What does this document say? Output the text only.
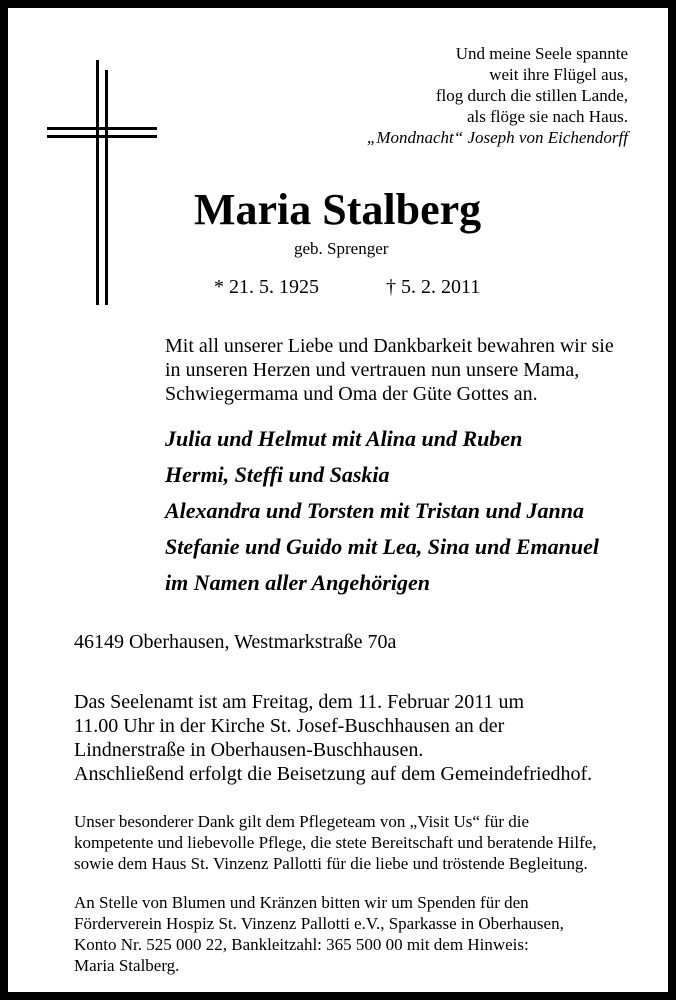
Und meine Seele spannte
weit ihre Flügel aus,
flog durch die stillen Lande,
als flöge sie nach Haus.
„Mondnacht“ Joseph von Eichendorff
Maria Stalberg
geb. Sprenger
* 21. 5. 1925	† 5. 2. 2011
Mit all unserer Liebe und Dankbarkeit bewahren wir sie
in unseren Herzen und vertrauen nun unsere Mama,
Schwiegermama und Oma der Güte Gottes an.
Julia und Helmut mit Alina und Ruben
Hermi, Steffi und Saskia
Alexandra und Torsten mit Tristan und Janna
Stefanie und Guido mit Lea, Sina und Emanuel
im Namen aller Angehörigen
46149 Oberhausen, Westmarkstraße 70a
Das Seelenamt ist am Freitag, dem 11. Februar 2011 um
11.00 Uhr in der Kirche St. Josef-Buschhausen an der
Lindnerstraße in Oberhausen-Buschhausen.
Anschließend erfolgt die Beisetzung auf dem Gemeindefriedhof.
Unser besonderer Dank gilt dem Pflegeteam von „Visit Us“ für die
kompetente und liebevolle Pflege, die stete Bereitschaft und beratende Hilfe,
sowie dem Haus St. Vinzenz Pallotti für die liebe und tröstende Begleitung.
An Stelle von Blumen und Kränzen bitten wir um Spenden für den
Förderverein Hospiz St. Vinzenz Pallotti e.V., Sparkasse in Oberhausen,
Konto Nr. 525 000 22, Bankleitzahl: 365 500 00 mit dem Hinweis:
Maria Stalberg.
